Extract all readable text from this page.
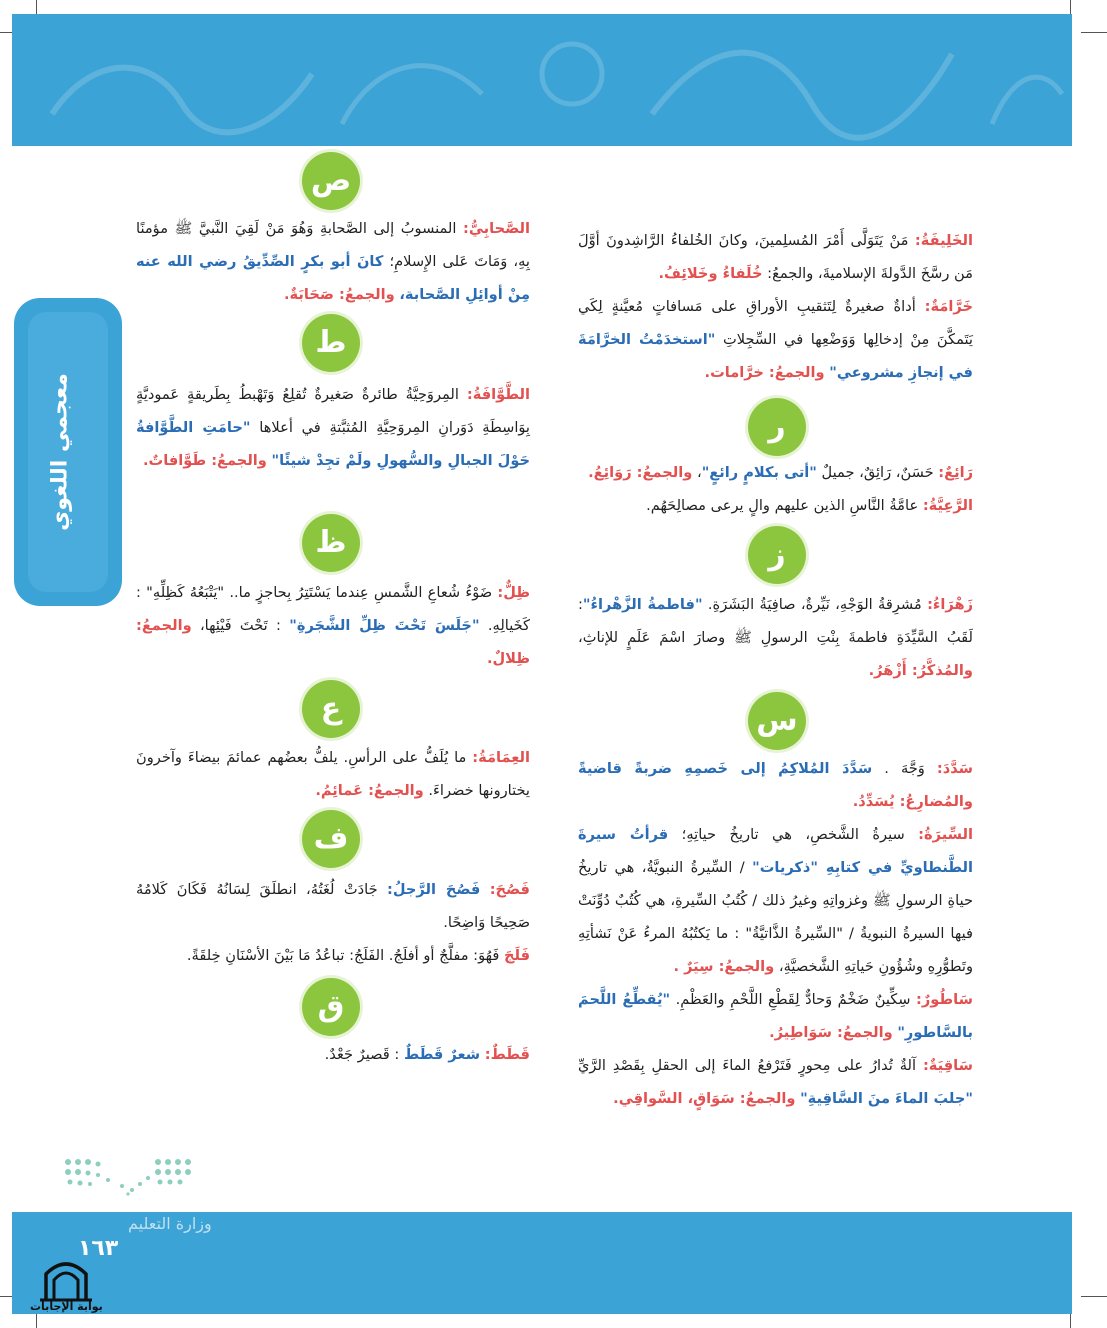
معجمي اللغوي
الخَلِيفَةُ: مَنْ يَتَوَلَّى أَمْرَ المُسلِمينَ، وكانَ الخُلفاءُ الرَّاشِدونَ أوَّلَ مَن رسَّخَ الدَّولةَ الإسلاميةَ، والجمعُ: خُلَفاءُ وخَلائِفُ.
خَرَّامَةٌ: أداةٌ صغيرةٌ لِتَثقيبِ الأوراقِ على مَسافاتٍ مُعيَّنةٍ لِكَي يَتَمكَّنَ مِنْ إدخالِها وَوَضْعِها في السِّجِلاتِ "استخدَمْتُ الخرَّامَةَ في إنجازِ مشروعي" والجمعُ: خرَّامات.
ر
رَائِعٌ: حَسَنٌ، رَائِقٌ، جميلٌ "أتى بكلامٍ رائعٍ"، والجمعُ: رَوَائِعُ.
الرَّعِيَّةُ: عامَّةُ النَّاسِ الذين عليهم والٍ يرعى مصالِحَهُم.
ز
زَهْرَاءُ: مُشرِقةُ الوَجْهِ، نَيِّرةٌ، صافِيَةُ البَشَرَةِ. "فاطمةُ الزَّهْراءُ": لَقَبُ السَّيِّدَةِ فاطمةَ بِنْتِ الرسولِ ﷺ وصارَ اسْمَ عَلَمٍ للإناثِ، والمُذكَّرُ: أَزْهَرُ.
س
سَدَّدَ: وَجَّهَ . سَدَّدَ المُلاكِمُ إلى خَصمِهِ ضربةً قاضيةً والمُضارِعُ: يُسَدِّدُ.
السِّيرَةُ: سيرةُ الشَّخصِ، هي تاريخُ حياتِهِ؛ قرأتُ سيرةَ الطَّنطاويِّ في كتابِهِ "ذكريات" / السِّيرةُ النبويَّةُ، هي تاريخُ حياةِ الرسولِ ﷺ وغزواتِهِ وغيرُ ذلك / كُتُبُ السِّيرةِ، هي كُتُبٌ دُوِّنَتْ فيها السيرةُ النبويةُ / "السِّيرةُ الذَّاتيَّةُ" : ما يَكتُبُهُ المرءُ عَنْ نَشأتِهِ وتَطوُّرِهِ وشُؤُونِ حَياتِهِ الشَّخصيَّةِ، والجمعُ: سِيَرٌ .
سَاطُورٌ: سِكِّينٌ ضَخْمٌ وَحادٌّ لِقَطْعِ اللَّحْمِ والعَظْمِ. "يُقطِّعُ اللَّحمَ بالسَّاطورِ" والجمعُ: سَوَاطِيرُ.
سَاقِيَةٌ: آلةٌ تُدارُ على مِحورٍ فَتَرْفعُ الماءَ إلى الحقلِ بِقَصْدِ الرَّيِّ "جلبَ الماءَ منَ السَّاقِيةِ" والجمعُ: سَوَاقٍ، السَّواقِي.
ص
الصَّحابِيُّ: المنسوبُ إلى الصَّحابةِ وَهُوَ مَنْ لَقِيَ النَّبيَّ ﷺ مؤمنًا بِهِ، وَمَاتَ عَلى الإِسلامِ؛ كانَ أبو بكرٍ الصِّدِّيقُ رضي الله عنه مِنْ أوائِلِ الصَّحابة، والجمعُ: صَحَابَةٌ.
ط
الطَّوَّافَةُ: المِروَحِيَّةُ طائرةٌ صَغيرةٌ تُقلِعُ وَتَهْبطُ بِطَريقةٍ عَموديَّةٍ بِوَاسِطَةِ دَوَرانِ المِروَحِيَّةِ المُثبَّتةِ في أعلاها "حامَتِ الطَّوَّافةُ حَوْلَ الجبالِ والسُّهولِ ولَمْ تجِدْ شيئًا" والجمعُ: طَوَّافاتٌ.
ظ
ظِلٌّ: ضَوْءُ شُعاعِ الشَّمسِ عِندما يَسْتَتِرُ بِحاجزٍ ما.. "يَتْبَعُهُ كَظِلِّهِ" : كَخَيالِهِ. "جَلَسَ تَحْتَ ظِلِّ الشَّجَرةِ" : تَحْتَ فَيْئِها، والجمعُ: ظِلالٌ.
ع
العِمَامَةُ: ما يُلَفُّ على الرأسِ. يلفُّ بعضُهم عمائمَ بيضاءَ وآخرونَ يختارونها خضراءَ. والجمعُ: عَمائِمُ.
ف
فَصُحَ: فَصُحَ الرَّجلُ: جَادَتْ لُغَتُهُ، انطلَقَ لِسَانُهُ فَكَانَ كَلامُهُ صَحِيحًا وَاضِحًا.
فَلَجَ فَهُوَ: مفلَّجٌ أو أفلَجُ. الفَلَجُ: تباعُدُ مَا بَيْنَ الأسْنَانِ خِلقَةً.
ق
قَطَطٌ: شعرٌ قَطَطٌ : قَصيرٌ جَعْدٌ.
وزارة التعليم
١٦٣
بوابة الإجابات
